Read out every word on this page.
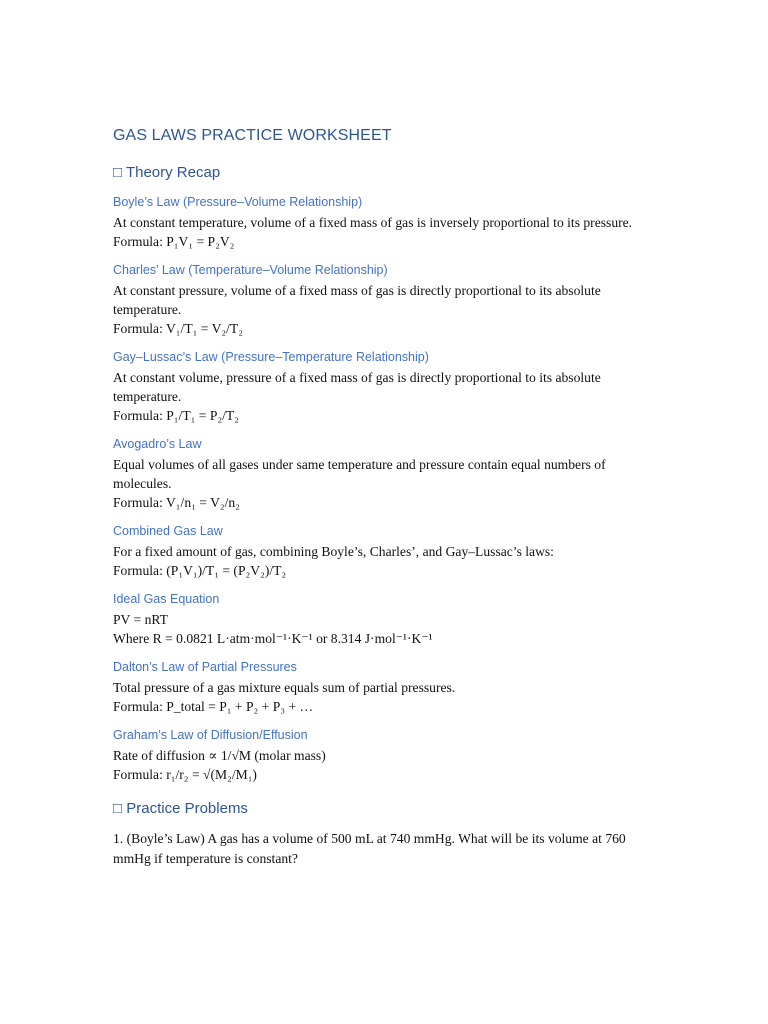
GAS LAWS PRACTICE WORKSHEET
□ Theory Recap
Boyle’s Law (Pressure–Volume Relationship)

At constant temperature, volume of a fixed mass of gas is inversely proportional to its pressure.

Formula: P₁V₁ = P₂V₂

Charles’ Law (Temperature–Volume Relationship)

At constant pressure, volume of a fixed mass of gas is directly proportional to its absolute temperature.

Formula: V₁/T₁ = V₂/T₂

Gay–Lussac’s Law (Pressure–Temperature Relationship)

At constant volume, pressure of a fixed mass of gas is directly proportional to its absolute temperature.

Formula: P₁/T₁ = P₂/T₂

Avogadro’s Law

Equal volumes of all gases under same temperature and pressure contain equal numbers of molecules.

Formula: V₁/n₁ = V₂/n₂

Combined Gas Law

For a fixed amount of gas, combining Boyle’s, Charles’, and Gay–Lussac’s laws:

Formula: (P₁V₁)/T₁ = (P₂V₂)/T₂

Ideal Gas Equation

PV = nRT

Where R = 0.0821 L·atm·mol⁻¹·K⁻¹ or 8.314 J·mol⁻¹·K⁻¹

Dalton’s Law of Partial Pressures

Total pressure of a gas mixture equals sum of partial pressures.

Formula: P_total = P₁ + P₂ + P₃ + …

Graham’s Law of Diffusion/Effusion

Rate of diffusion ∝ 1/√M (molar mass)

Formula: r₁/r₂ = √(M₂/M₁)

□ Practice Problems

1. (Boyle’s Law) A gas has a volume of 500 mL at 740 mmHg. What will be its volume at 760 mmHg if temperature is constant?
